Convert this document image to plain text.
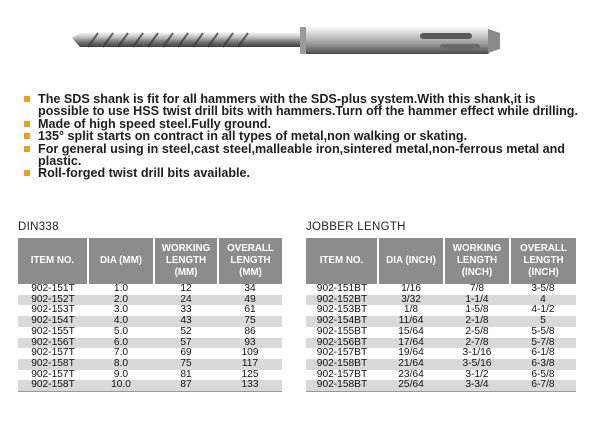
The SDS shank is fit for all hammers with the SDS-plus system.With this shank,it is possible to use HSS twist drill bits with hammers.Turn off the hammer effect while drilling.
Made of high speed steel.Fully ground.
135° split starts on contract in all types of metal,non walking or skating.
For general using in steel,cast steel,malleable iron,sintered metal,non-ferrous metal and plastic.
Roll-forged twist drill bits available.
DIN338
ITEM NO.	DIA (MM)	WORKING LENGTH (MM)	OVERALL LENGTH (MM)
902-151T	1.0	12	34
902-152T	2.0	24	49
902-153T	3.0	33	61
902-154T	4.0	43	75
902-155T	5.0	52	86
902-156T	6.0	57	93
902-157T	7.0	69	109
902-158T	8.0	75	117
902-157T	9.0	81	125
902-158T	10.0	87	133
JOBBER LENGTH
ITEM NO.	DIA (INCH)	WORKING LENGTH (INCH)	OVERALL LENGTH (INCH)
902-151BT	1/16	7/8	3-5/8
902-152BT	3/32	1-1/4	4
902-153BT	1/8	1-5/8	4-1/2
902-154BT	11/64	2-1/8	5
902-155BT	15/64	2-5/8	5-5/8
902-156BT	17/64	2-7/8	5-7/8
902-157BT	19/64	3-1/16	6-1/8
902-158BT	21/64	3-5/16	6-3/8
902-157BT	23/64	3-1/2	6-5/8
902-158BT	25/64	3-3/4	6-7/8
